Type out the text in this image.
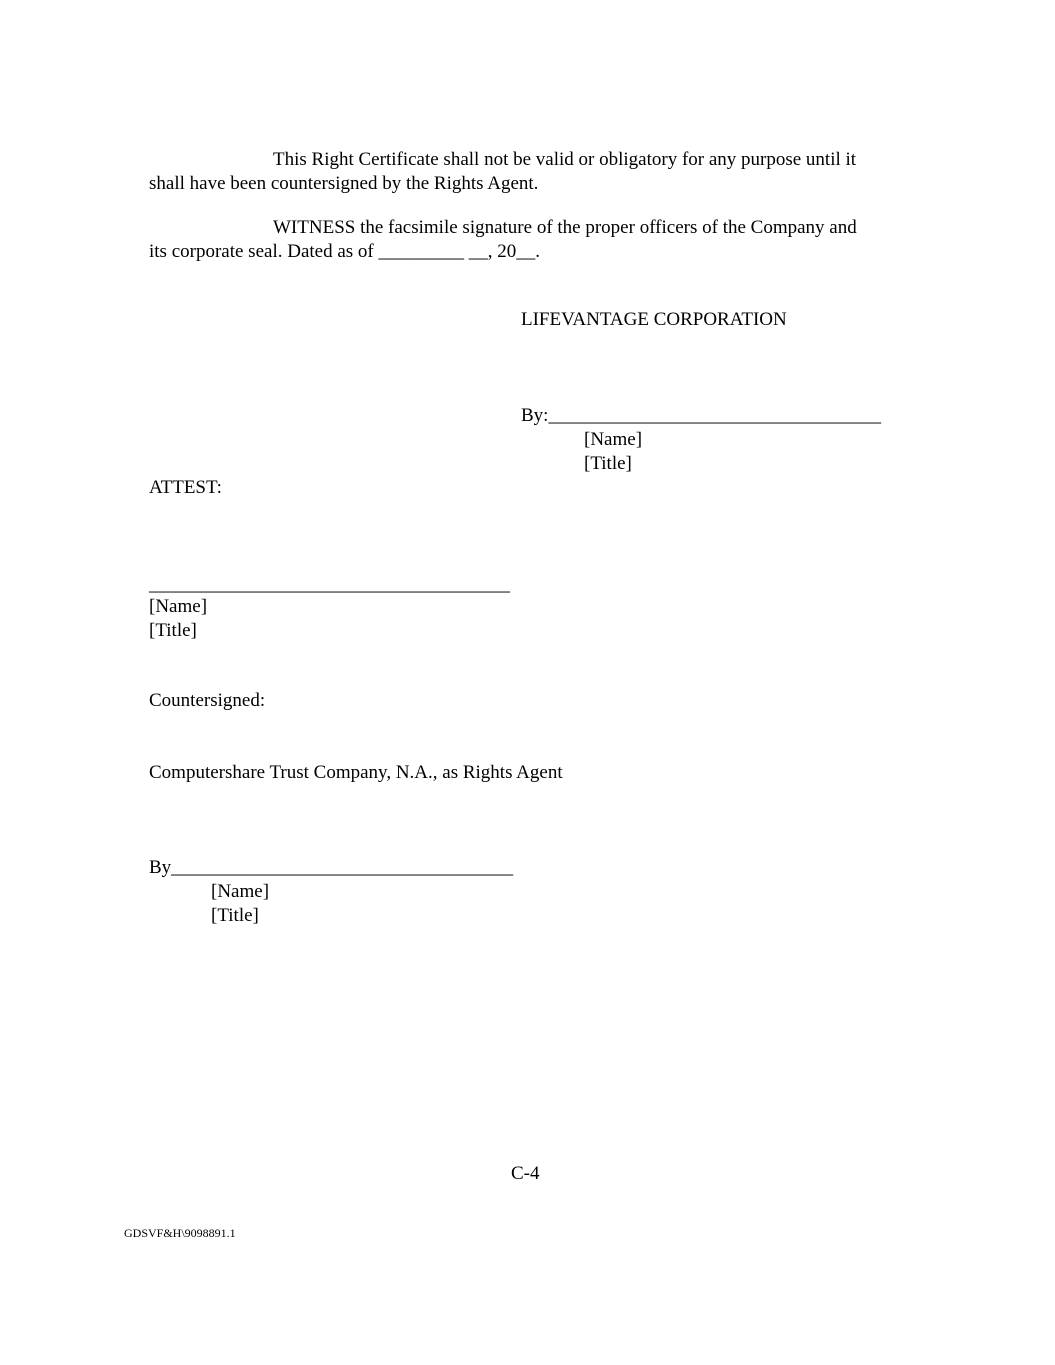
This Right Certificate shall not be valid or obligatory for any purpose until it
shall have been countersigned by the Rights Agent.
WITNESS the facsimile signature of the proper officers of the Company and
its corporate seal. Dated as of _________ __, 20__.
LIFEVANTAGE CORPORATION
By:___________________________________
[Name]
[Title]
ATTEST:
______________________________________
[Name]
[Title]
Countersigned:
Computershare Trust Company, N.A., as Rights Agent
By____________________________________
[Name]
[Title]
C-4
GDSVF&H\9098891.1
